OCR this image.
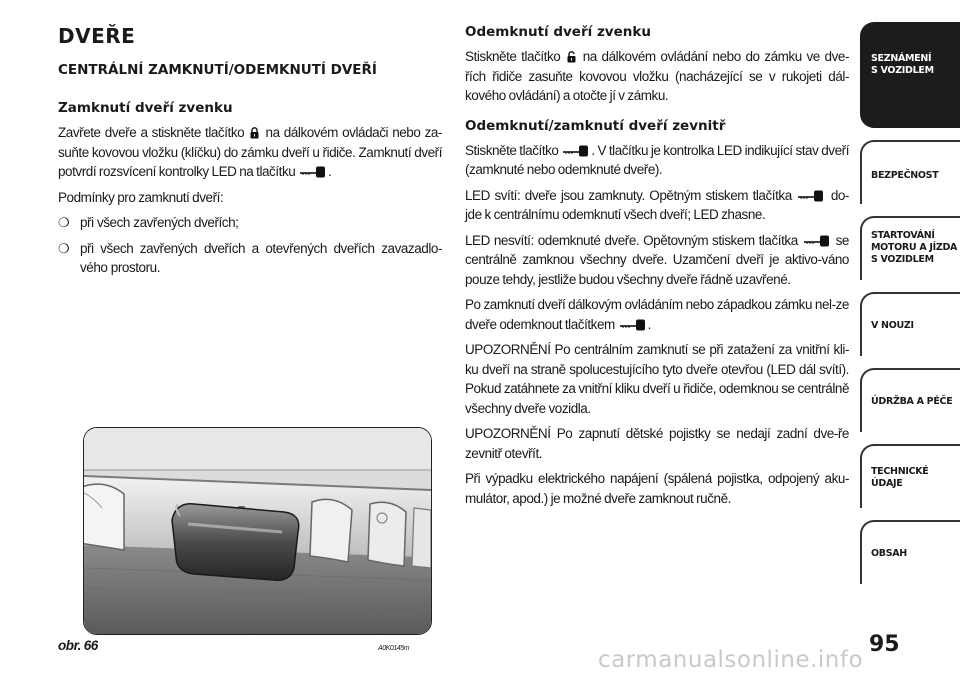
DVEŘE
CENTRÁLNÍ ZAMKNUTÍ/ODEMKNUTÍ DVEŘÍ
Zamknutí dveří zvenku

Zavřete dveře a stiskněte tlačítko na dálkovém ovládači nebo za-suňte kovovou vložku (klíčku) do zámku dveří u řidiče. Zamknutí dveří potvrdí rozsvícení kontrolky LED na tlačítku .

Podmínky pro zamknutí dveří:

❍ při všech zavřených dveřích;
❍ při všech zavřených dveřích a otevřených dveřích zavazadlo-vého prostoru.

obr. 66	A0K0145m

Odemknutí dveří zvenku

Stiskněte tlačítko na dálkovém ovládání nebo do zámku ve dve-řích řidiče zasuňte kovovou vložku (nacházející se v rukojeti dál-kového ovládání) a otočte jí v zámku.

Odemknutí/zamknutí dveří zevnitř

Stiskněte tlačítko . V tlačítku je kontrolka LED indikující stav dveří (zamknuté nebo odemknuté dveře).

LED svítí: dveře jsou zamknuty. Opětným stiskem tlačítka	do-jde k centrálnímu odemknutí všech dveří; LED zhasne.

LED nesvítí: odemknuté dveře. Opětovným stiskem tlačítka	se centrálně zamknou všechny dveře. Uzamčení dveří je aktivo-váno pouze tehdy, jestliže budou všechny dveře řádně uzavřené.

Po zamknutí dveří dálkovým ovládáním nebo západkou zámku nel-ze dveře odemknout tlačítkem .

UPOZORNĚNÍ Po centrálním zamknutí se při zatažení za vnitřní kli-ku dveří na straně spolucestujícího tyto dveře otevřou (LED dál svítí). Pokud zatáhnete za vnitřní kliku dveří u řidiče, odemknou se centrálně všechny dveře vozidla.

UPOZORNĚNÍ Po zapnutí dětské pojistky se nedají zadní dve-ře zevnitř otevřít.

Při výpadku elektrického napájení (spálená pojistka, odpojený aku-mulátor, apod.) je možné dveře zamknout ručně.

SEZNÁMENÍ
S VOZIDLEM
BEZPEČNOST
STARTOVÁNÍ
MOTORU A JÍZDA
S VOZIDLEM
V NOUZI
ÚDRŽBA A PÉČE
TECHNICKÉ
ÚDAJE
OBSAH
95
carmanualsonline.info
